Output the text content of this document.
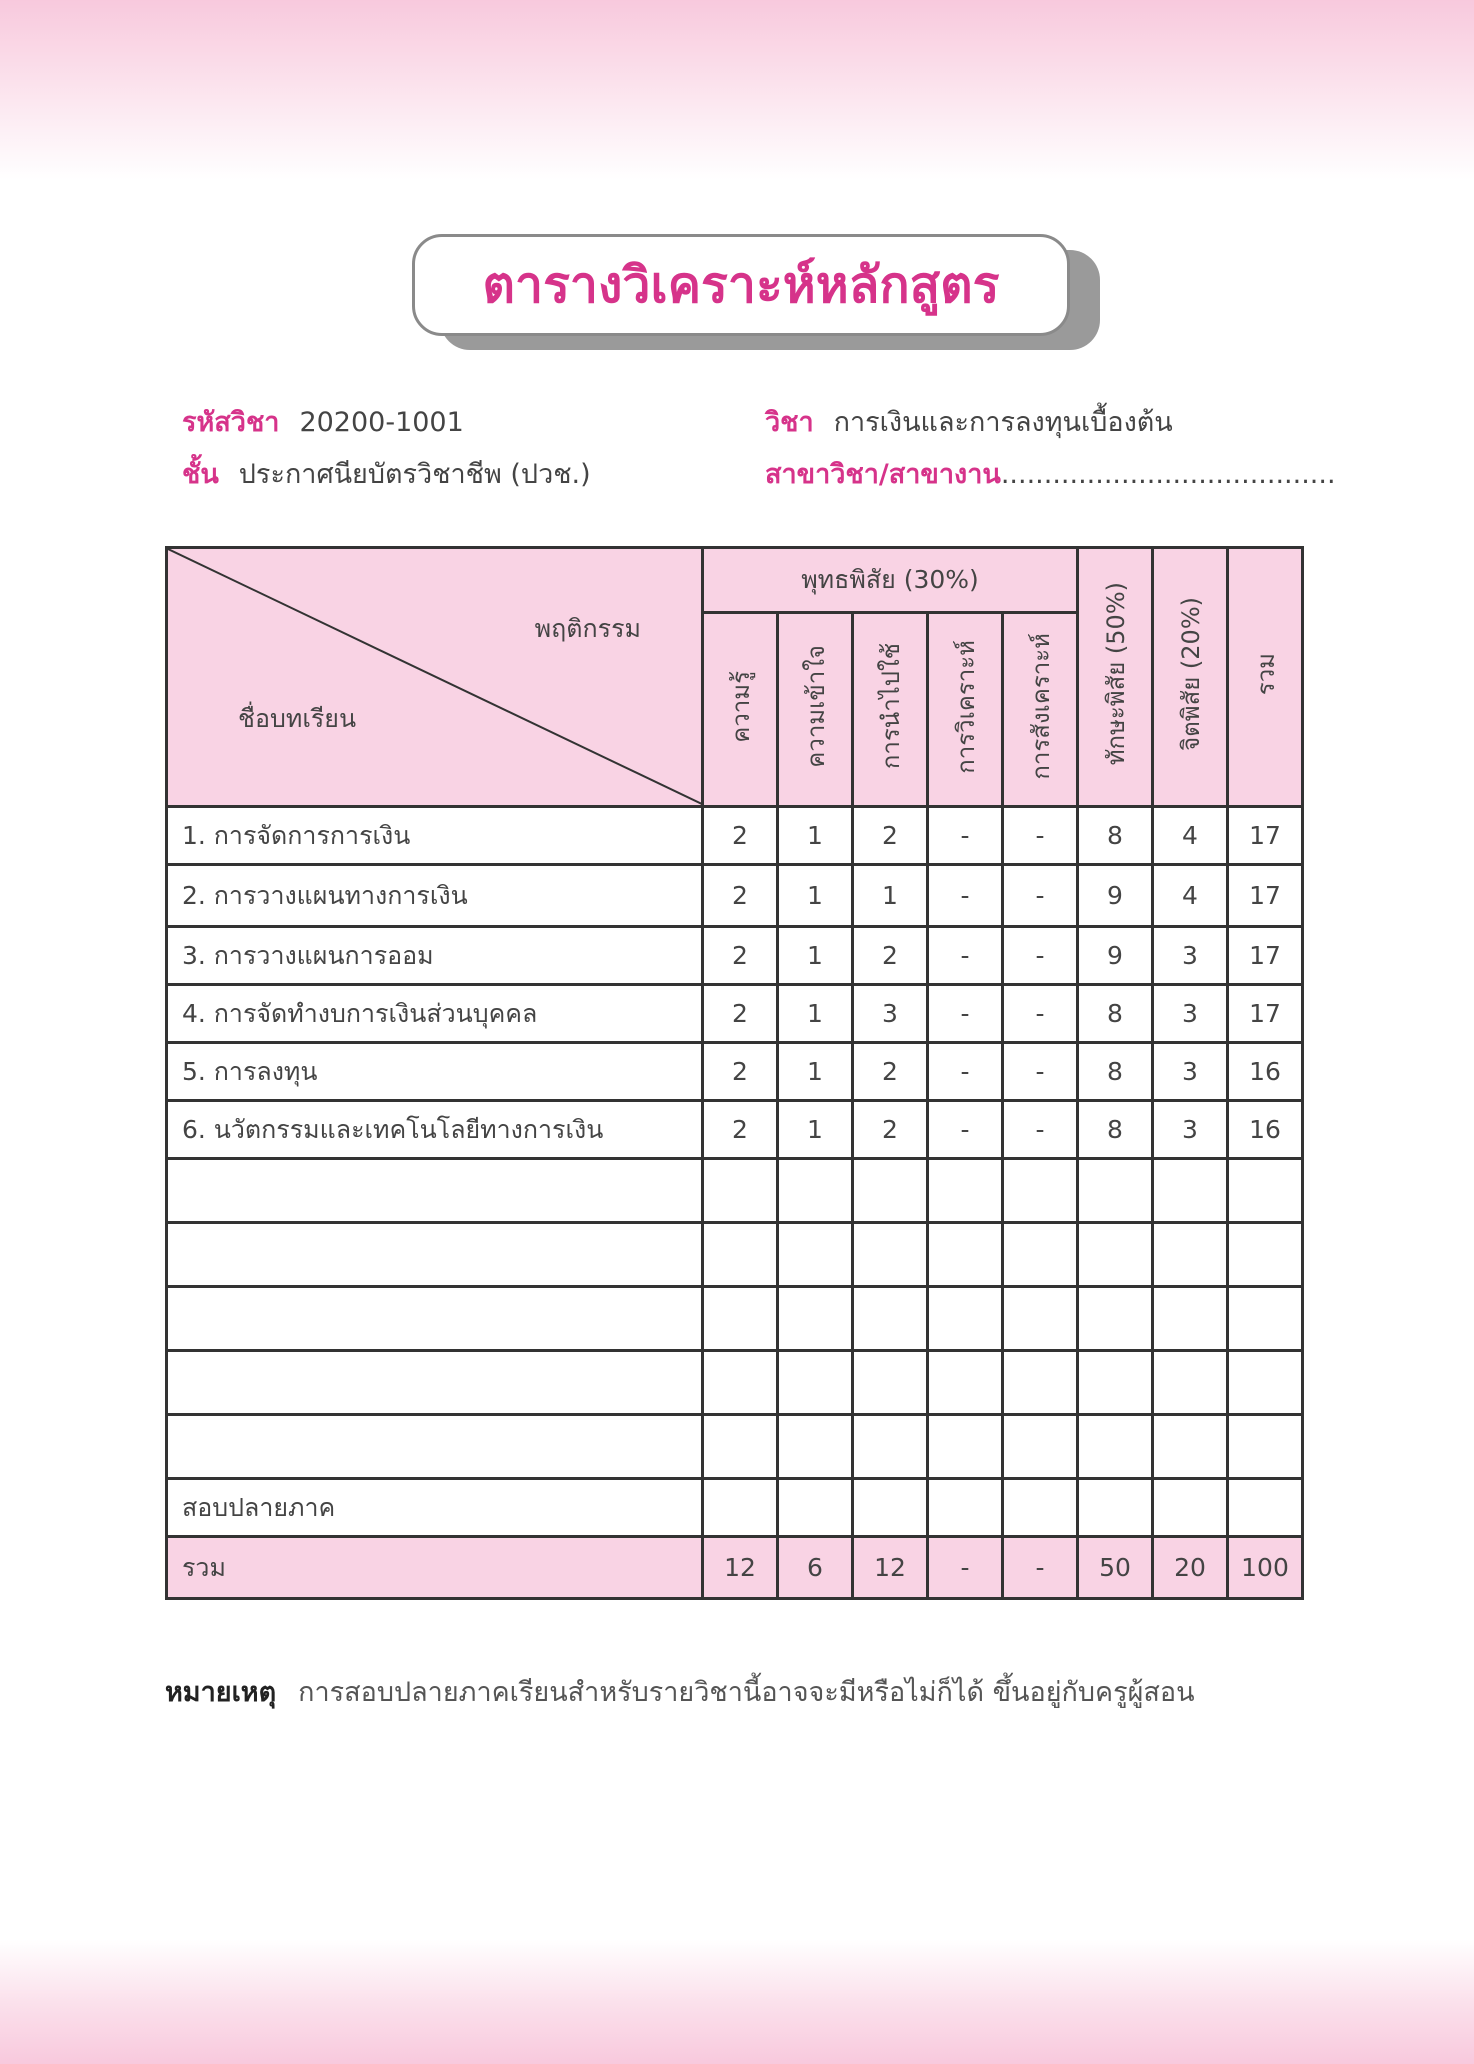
ตารางวิเคราะห์หลักสูตร
รหัสวิชา 20200-1001	วิชา การเงินและการลงทุนเบื้องต้น
ชั้น ประกาศนียบัตรวิชาชีพ (ปวช.)	สาขาวิชา/สาขางาน.......................................
พฤติกรรม
ชื่อบทเรียน	พุทธพิสัย (30%)					ทักษะพิสัย (50%)	จิตพิสัย (20%)	รวม
	ความรู้	ความเข้าใจ	การนำไปใช้	การวิเคราะห์	การสังเคราะห์			
1. การจัดการการเงิน	2	1	2	-	-	8	4	17
2. การวางแผนทางการเงิน	2	1	1	-	-	9	4	17
3. การวางแผนการออม	2	1	2	-	-	9	3	17
4. การจัดทำงบการเงินส่วนบุคคล	2	1	3	-	-	8	3	17
5. การลงทุน	2	1	2	-	-	8	3	16
6. นวัตกรรมและเทคโนโลยีทางการเงิน	2	1	2	-	-	8	3	16

สอบปลายภาค								
รวม	12	6	12	-	-	50	20	100
หมายเหตุ การสอบปลายภาคเรียนสำหรับรายวิชานี้อาจจะมีหรือไม่ก็ได้ ขึ้นอยู่กับครูผู้สอน
